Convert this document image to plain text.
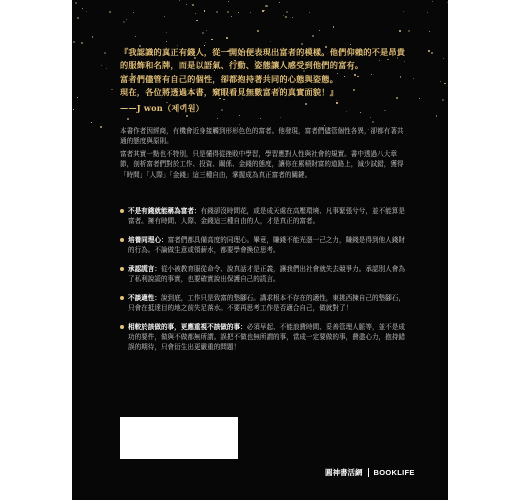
『我認識的真正有錢人，從一開始便表現出富者的模樣。他們仰賴的不是昂貴

的服飾和名牌，而是以語氣、行動、姿態讓人感受到他們的富有。

富者們儘管有自己的個性，卻都抱持著共同的心態與姿態。

現在，各位將透過本書，窺眼看見無數富者的真實面貌！』

——J won（제이원）

本書作者因經商，有機會近身接觸到形形色色的富者。他發現，富者們儘管個性各異，卻都有著共通的態度與原則。

富者其實一點也不特別，只是懂得從挫敗中學習，學習應對人性與社會的規實。書中透過八大章節，剖析富者們對於工作、投資、關係、金錢的態度，讓你在累積財富的道路上，減少試錯，獲得「時間」「人際」「金錢」這三種自由，掌握成為真正富者的關鍵。

不是有錢就能稱為富者：有錢卻沒時間花，或是成天處在高壓環境、凡事緊張兮兮，並不能算是富者。擁有時間、人際、金錢這三種自由的人，才是真正的富者。
培養同理心：富者們都具備高度的同理心。畢竟，賺錢不能光憑一己之力，賺錢是得到他人錢財的行為。不論做生意或領薪水，都要學會換位思考。
承認謊言：從小被教育服從命令、說真話才是正義，讓我們出社會就失去競爭力。承認別人會為了私利說謊的事實，也要確實說出保護自己的謊言。
不談適性：說到底，工作只是致富的墊腳石。講求根本不存在的適性，東挑西揀自己的墊腳石，只會在抵達目的地之前失足落水。不要再思考工作是否適合自己，做就對了！
相較於該做的事，更應重視不該做的事：必須早起、不能浪費時間、妥善管理人脈等，並不是成功的要件，做與不做都無所謂。誤把不做也無所謂的事，當成一定要做的事，費盡心力，抱持錯誤的期待，只會衍生出更嚴重的問題！
圓神書活網 BOOKLIFE
